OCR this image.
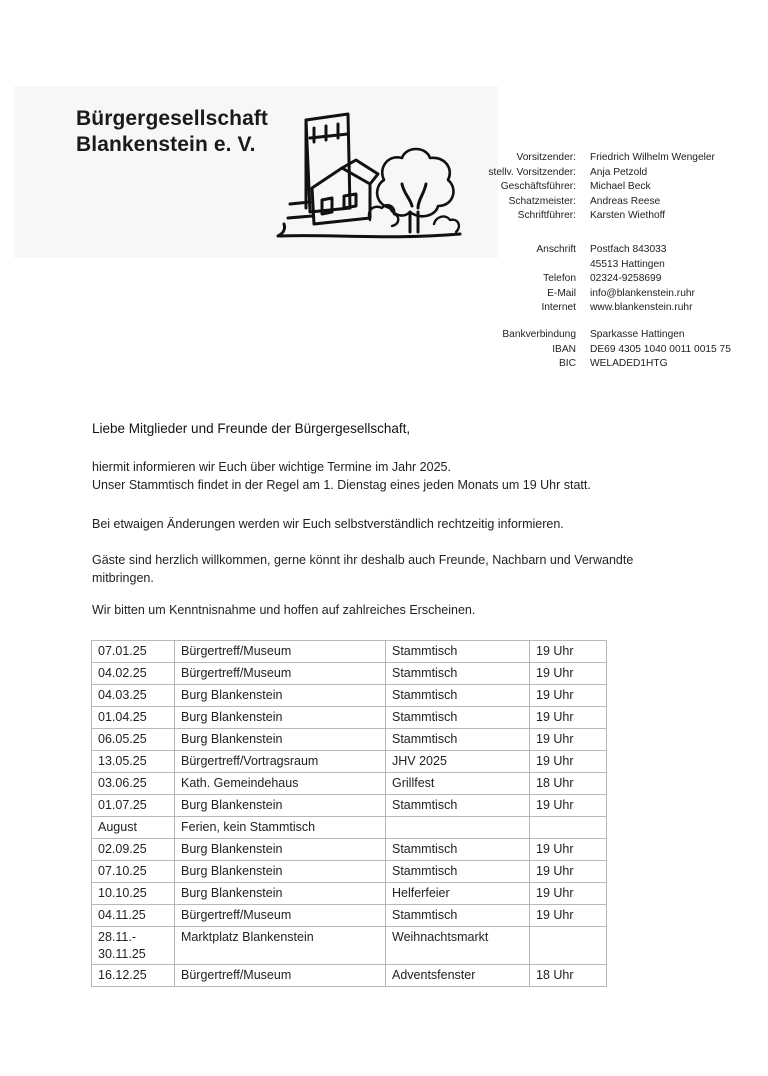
Bürgergesellschaft
Blankenstein e. V.
Vorsitzender:	Friedrich Wilhelm Wengeler
stellv. Vorsitzender:	Anja Petzold
Geschäftsführer:	Michael Beck
Schatzmeister:	Andreas Reese
Schriftführer:	Karsten Wiethoff
Anschrift	Postfach 843033
45513 Hattingen
Telefon	02324-9258699
E-Mail	info@blankenstein.ruhr
Internet	www.blankenstein.ruhr
Bankverbindung	Sparkasse Hattingen
IBAN	DE69 4305 1040 0011 0015 75
BIC	WELADED1HTG
Liebe Mitglieder und Freunde der Bürgergesellschaft,
hiermit informieren wir Euch über wichtige Termine im Jahr 2025.
Unser Stammtisch findet in der Regel am 1. Dienstag eines jeden Monats um 19 Uhr statt.
Bei etwaigen Änderungen werden wir Euch selbstverständlich rechtzeitig informieren.
Gäste sind herzlich willkommen, gerne könnt ihr deshalb auch Freunde, Nachbarn und Verwandte
mitbringen.
Wir bitten um Kenntnisnahme und hoffen auf zahlreiches Erscheinen.
07.01.25	Bürgertreff/Museum	Stammtisch	19 Uhr
04.02.25	Bürgertreff/Museum	Stammtisch	19 Uhr
04.03.25	Burg Blankenstein	Stammtisch	19 Uhr
01.04.25	Burg Blankenstein	Stammtisch	19 Uhr
06.05.25	Burg Blankenstein	Stammtisch	19 Uhr
13.05.25	Bürgertreff/Vortragsraum	JHV 2025	19 Uhr
03.06.25	Kath. Gemeindehaus	Grillfest	18 Uhr
01.07.25	Burg Blankenstein	Stammtisch	19 Uhr
August	Ferien, kein Stammtisch		
02.09.25	Burg Blankenstein	Stammtisch	19 Uhr
07.10.25	Burg Blankenstein	Stammtisch	19 Uhr
10.10.25	Burg Blankenstein	Helferfeier	19 Uhr
04.11.25	Bürgertreff/Museum	Stammtisch	19 Uhr

28.11.-
30.11.25	Marktplatz Blankenstein	Weihnachtsmarkt	
16.12.25	Bürgertreff/Museum	Adventsfenster	18 Uhr
